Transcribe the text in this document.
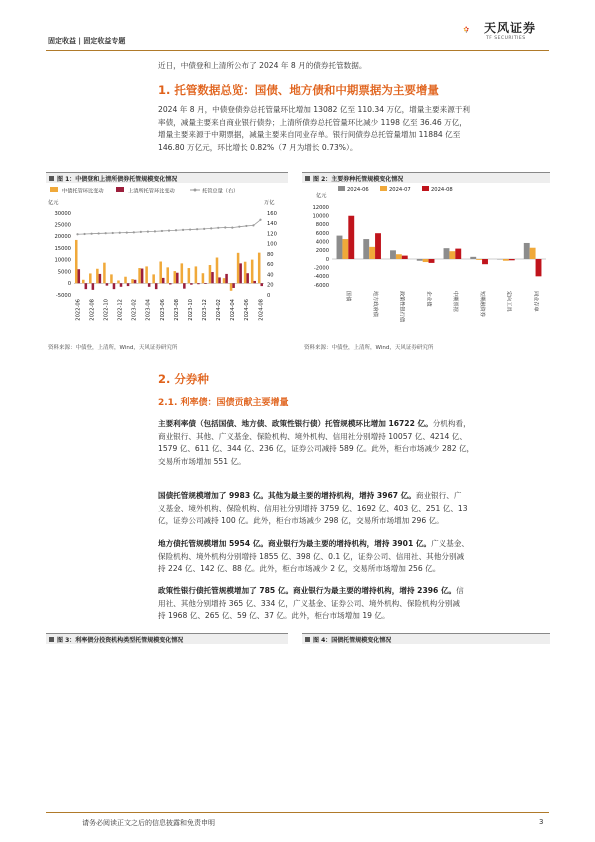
固定收益 | 固定收益专题
天风证券
TF SECURITIES
近日，中债登和上清所公布了 2024 年 8 月的债券托管数据。
1. 托管数据总览：国债、地方债和中期票据为主要增量
2024 年 8 月，中债登债券总托管量环比增加 13082 亿至 110.34 万亿，增量主要来源于利
率债，减量主要来自商业银行债券；上清所债券总托管量环比减少 1198 亿至 36.46 万亿，
增量主要来源于中期票据，减量主要来自同业存单。银行间债券总托管量增加 11884 亿至
146.80 万亿元，环比增长 0.82%（7 月为增长 0.73%）。
图 1：中债登和上清所债券托管规模变化情况
中债托管环比变动	上清所托管环比变动	托管总量（右）
亿元	万亿
-5000
0
5000
10000
15000
20000
25000
30000
0
20
40
60
80
100
120
140
160
2022-06 2022-08 2022-10 2022-12 2023-02 2023-04 2023-06 2023-08 2023-10 2023-12 2024-02 2024-04 2024-06 2024-08
资料来源：中债登，上清所，Wind，天风证券研究所
图 2：主要券种托管规模变化情况
亿元
2024-06	2024-07	2024-08
-6000
-4000
-2000
0
2000
4000
6000
8000
10000
12000
国债	地方政府债	政策性银行债	企业债	中期票据	短期融资券	定向工具	同业存单
资料来源：中债登，上清所，Wind，天风证券研究所
2. 分券种
2.1. 利率债：国债贡献主要增量
主要利率债（包括国债、地方债、政策性银行债）托管规模环比增加 16722 亿。分机构看，
商业银行、其他、广义基金、保险机构、境外机构、信用社分别增持 10057 亿、4214 亿、
1579 亿、611 亿、344 亿、236 亿，证券公司减持 589 亿。此外，柜台市场减少 282 亿，
交易所市场增加 551 亿。
国债托管规模增加了 9983 亿。其他为最主要的增持机构，增持 3967 亿。商业银行、广
义基金、境外机构、保险机构、信用社分别增持 3759 亿、1692 亿、403 亿、251 亿、13
亿，证券公司减持 100 亿。此外，柜台市场减少 298 亿，交易所市场增加 296 亿。
地方债托管规模增加 5954 亿。商业银行为最主要的增持机构，增持 3901 亿。广义基金、
保险机构、境外机构分别增持 1855 亿、398 亿、0.1 亿，证券公司、信用社、其他分别减
持 224 亿、142 亿、88 亿。此外，柜台市场减少 2 亿，交易所市场增加 256 亿。
政策性银行债托管规模增加了 785 亿。商业银行为最主要的增持机构，增持 2396 亿。信
用社、其他分别增持 365 亿、334 亿，广义基金、证券公司、境外机构、保险机构分别减
持 1968 亿、265 亿、59 亿、37 亿。此外，柜台市场增加 19 亿。
图 3：利率债分投资机构类型托管规模变化情况	图 4：国债托管规模变化情况
请务必阅读正文之后的信息披露和免责申明	3
